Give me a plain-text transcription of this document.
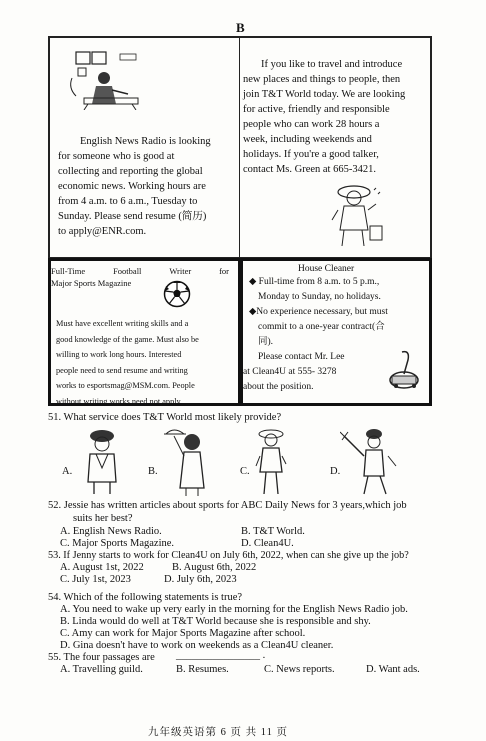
B
English News Radio is looking
for someone who is good at
collecting and reporting the global
economic news. Working hours are
from 4 a.m. to 6 a.m., Tuesday to
Sunday. Please send resume (简历)
to apply@ENR.com.
If you like to travel and introduce
new places and things to people, then
join T&T World today. We are looking
for active, friendly and responsible
people who can work 28 hours a
week, including weekends and
holidays. If you're a good talker,
contact Ms. Green at 665-3421.
Full-Time	Football	Writer	for
Major Sports Magazine
Must have excellent writing skills and a
good knowledge of the game. Must also be
willing to work long hours. Interested
people need to send resume and writing
works to esportsmag@MSM.com. People
without writing works need not apply.
House Cleaner
◆ Full-time from 8 a.m. to 5 p.m.,
Monday to Sunday, no holidays.
◆No experience necessary, but must
commit to a one-year contract(合
同).
Please contact Mr. Lee
at Clean4U at 555- 3278
about the position.
51. What service does T&T World most likely provide?
A.	B.	C.	D.
52. Jessie has written articles about sports for ABC Daily News for 3 years,which job
suits her best?
A. English News Radio.	B. T&T World.
C. Major Sports Magazine.	D. Clean4U.
53. If Jenny starts to work for Clean4U on July 6th, 2022, when can she give up the job?
A. August 1st, 2022	B. August 6th, 2022
C. July 1st, 2023	D. July 6th, 2023
54. Which of the following statements is true?
A. You need to wake up very early in the morning for the English News Radio job.
B. Linda would do well at T&T World because she is responsible and shy.
C. Amy can work for Major Sports Magazine after school.
D. Gina doesn't have to work on weekends as a Clean4U cleaner.
55. The four passages are ________________ .
A. Travelling guild.	B. Resumes.	C. News reports.	D. Want ads.
九年级英语第 6 页 共 11 页
